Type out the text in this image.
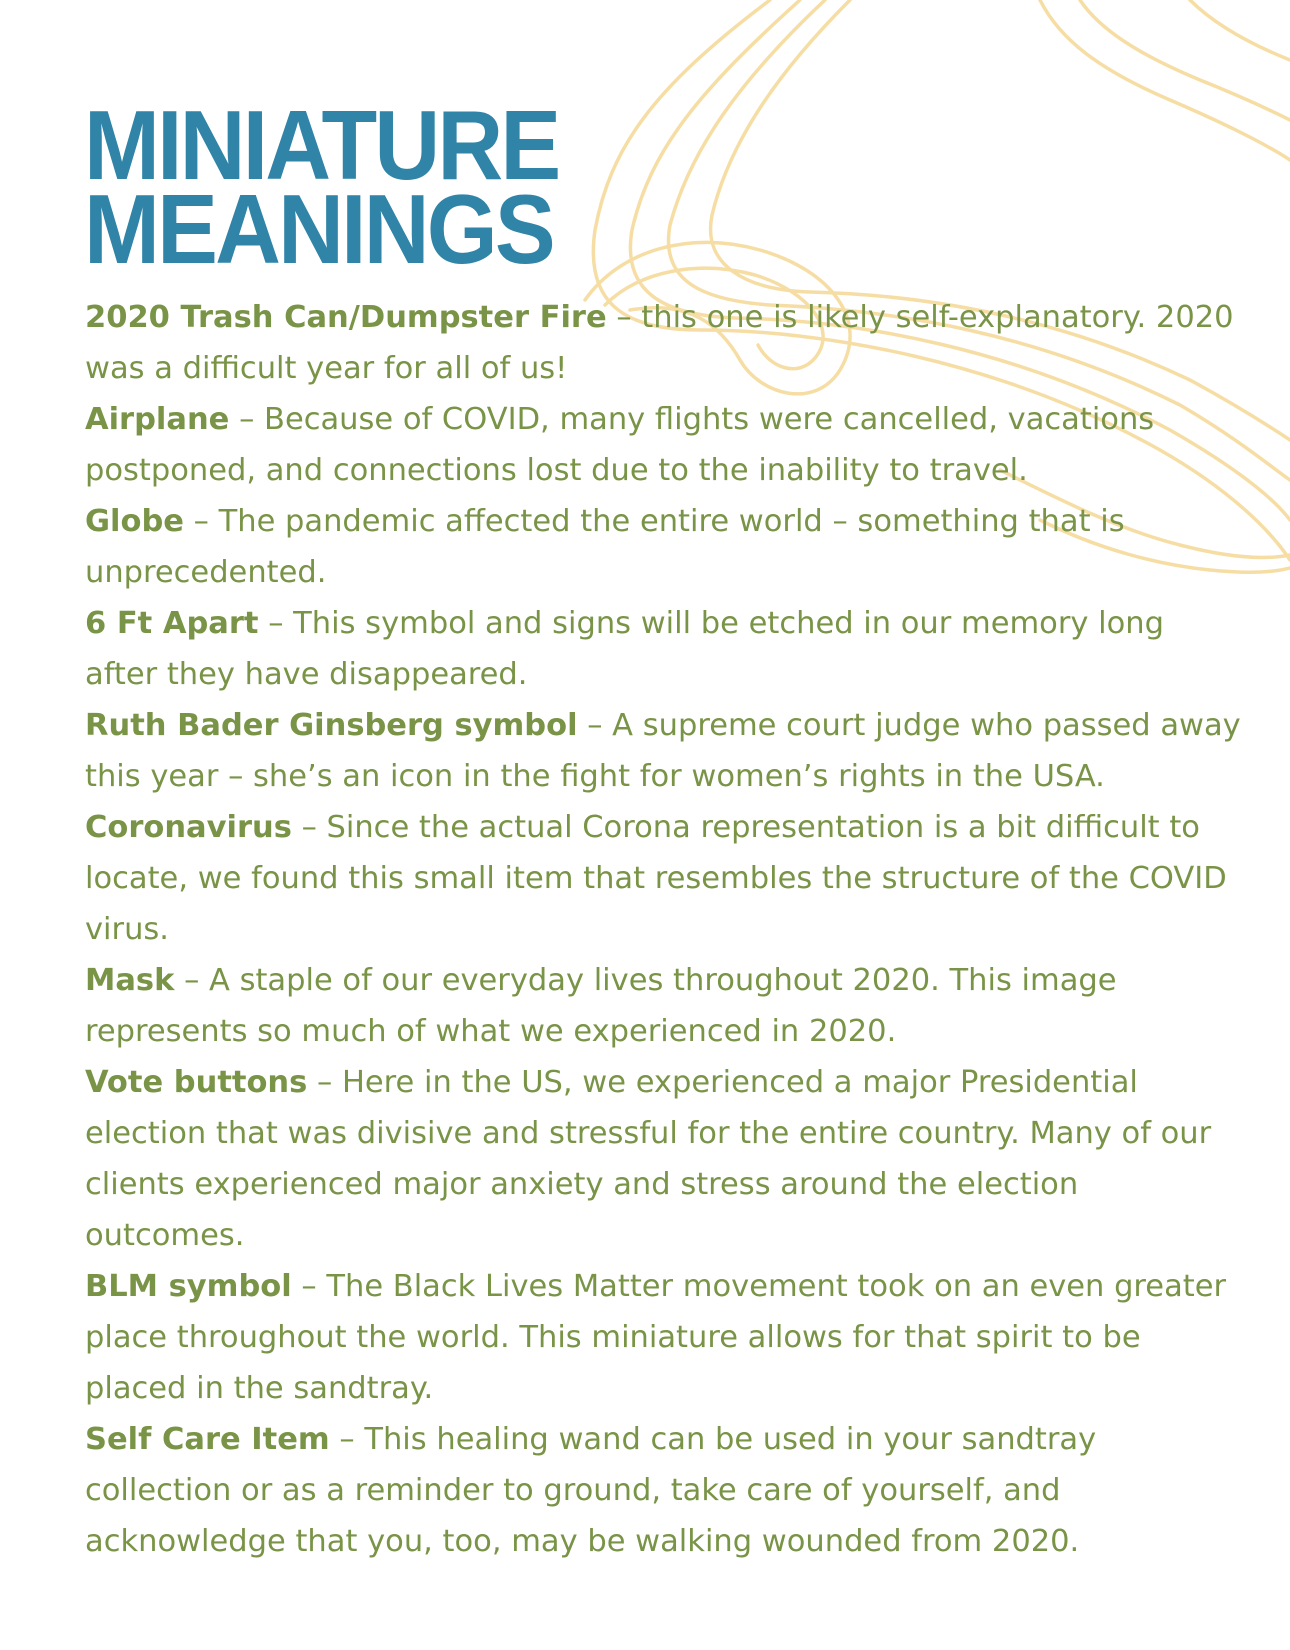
MINIATURE
MEANINGS

2020 Trash Can/Dumpster Fire – this one is likely self-explanatory. 2020 was a difficult year for all of us!

Airplane – Because of COVID, many flights were cancelled, vacations postponed, and connections lost due to the inability to travel.

Globe – The pandemic affected the entire world – something that is unprecedented.

6 Ft Apart – This symbol and signs will be etched in our memory long after they have disappeared.

Ruth Bader Ginsberg symbol – A supreme court judge who passed away this year – she’s an icon in the fight for women’s rights in the USA.

Coronavirus – Since the actual Corona representation is a bit difficult to locate, we found this small item that resembles the structure of the COVID virus.

Mask – A staple of our everyday lives throughout 2020. This image represents so much of what we experienced in 2020.

Vote buttons – Here in the US, we experienced a major Presidential election that was divisive and stressful for the entire country. Many of our clients experienced major anxiety and stress around the election outcomes.

BLM symbol – The Black Lives Matter movement took on an even greater place throughout the world. This miniature allows for that spirit to be placed in the sandtray.

Self Care Item – This healing wand can be used in your sandtray collection or as a reminder to ground, take care of yourself, and acknowledge that you, too, may be walking wounded from 2020.
